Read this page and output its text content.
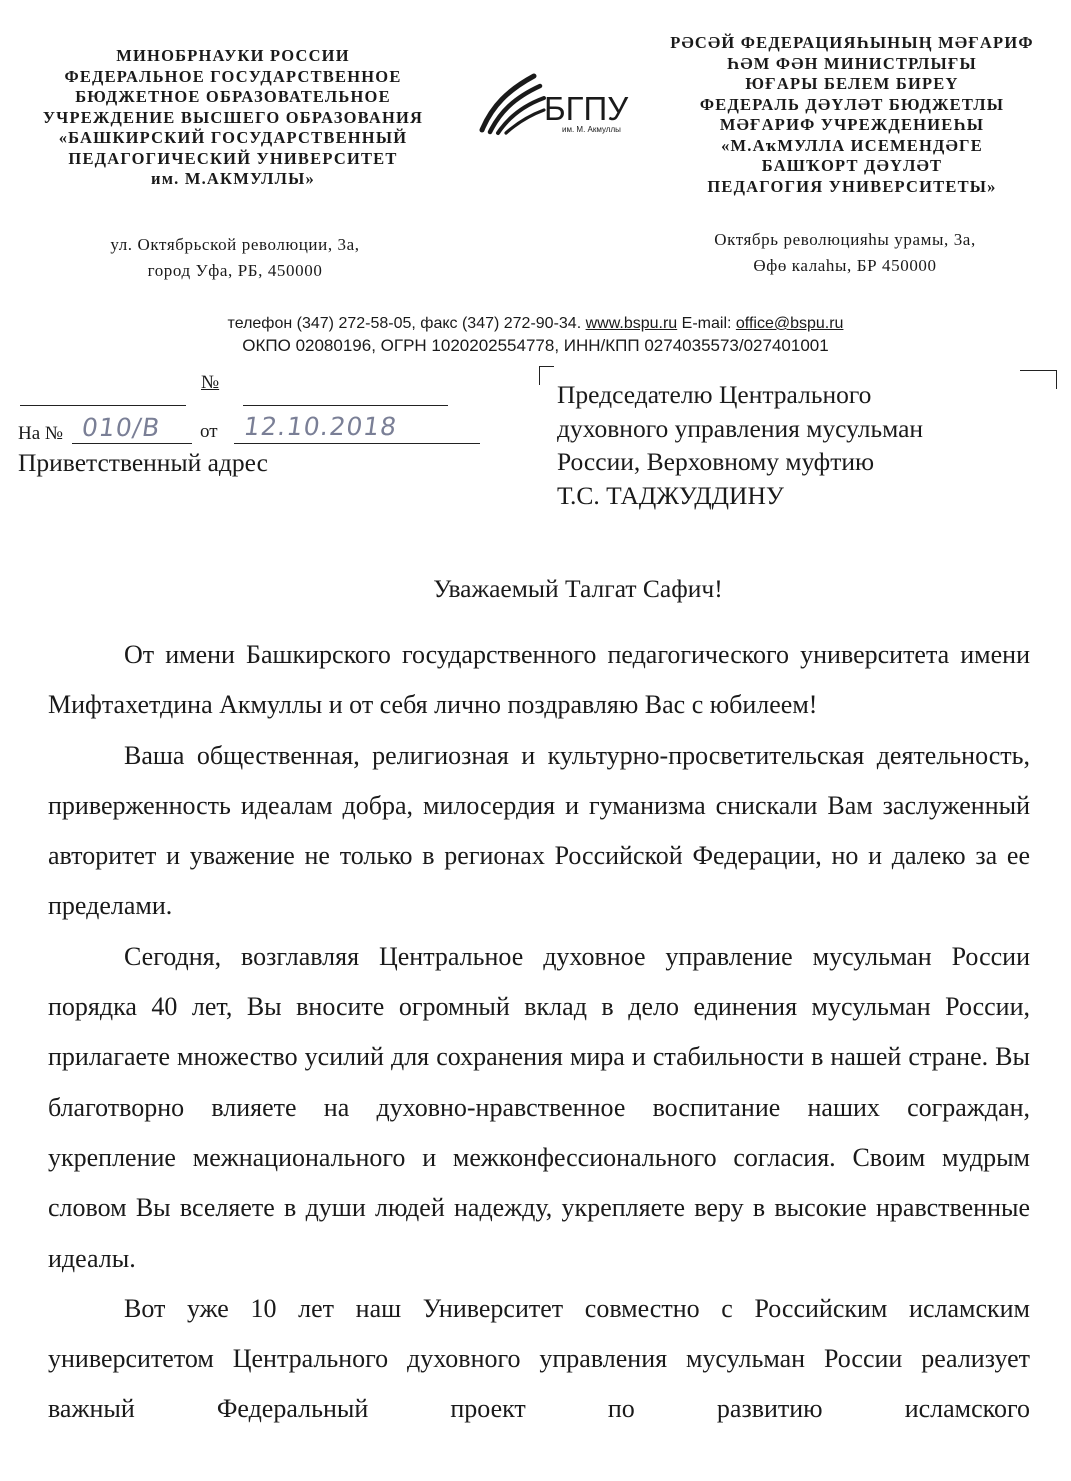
МИНОБРНАУКИ РОССИИ
ФЕДЕРАЛЬНОЕ ГОСУДАРСТВЕННОЕ
БЮДЖЕТНОЕ ОБРАЗОВАТЕЛЬНОЕ
УЧРЕЖДЕНИЕ ВЫСШЕГО ОБРАЗОВАНИЯ
«БАШКИРСКИЙ ГОСУДАРСТВЕННЫЙ
ПЕДАГОГИЧЕСКИЙ УНИВЕРСИТЕТ
им. М.АКМУЛЛЫ»
БГПУ
им. М. Акмуллы
РӘСӘЙ ФЕДЕРАЦИЯҺЫНЫҢ МӘҒАРИФ
ҺӘМ ФӘН МИНИСТРЛЫҒЫ
ЮҒАРЫ БЕЛЕМ БИРЕҮ
ФЕДЕРАЛЬ ДӘҮЛӘТ БЮДЖЕТЛЫ
МӘҒАРИФ УЧРЕЖДЕНИЕҺЫ
«М.АҡМУЛЛА ИСЕМЕНДӘГЕ
БАШҠОРТ ДӘҮЛӘТ
ПЕДАГОГИЯ УНИВЕРСИТЕТЫ»
ул. Октябрьской революции, 3а,
город Уфа, РБ, 450000
Октябрь революцияһы урамы, 3а,
Өфө калаһы, БР 450000
телефон (347) 272-58-05, факс (347) 272-90-34. www.bspu.ru E-mail: office@bspu.ru
ОКПО 02080196, ОГРН 1020202554778, ИНН/КПП 0274035573/027401001
№
На № 010/В от 12.10.2018
Приветственный адрес
Председателю Центрального
духовного управления мусульман
России, Верховному муфтию
Т.С. ТАДЖУДДИНУ
Уважаемый Талгат Сафич!

От имени Башкирского государственного педагогического университета имени Мифтахетдина Акмуллы и от себя лично поздравляю Вас с юбилеем!

Ваша общественная, религиозная и культурно-просветительская деятельность, приверженность идеалам добра, милосердия и гуманизма снискали Вам заслуженный авторитет и уважение не только в регионах Российской Федерации, но и далеко за ее пределами.

Сегодня, возглавляя Центральное духовное управление мусульман России порядка 40 лет, Вы вносите огромный вклад в дело единения мусульман России, прилагаете множество усилий для сохранения мира и стабильности в нашей стране. Вы благотворно влияете на духовно-нравственное воспитание наших сограждан, укрепление межнационального и межконфессионального согласия. Своим мудрым словом Вы вселяете в души людей надежду, укрепляете веру в высокие нравственные идеалы.

Вот уже 10 лет наш Университет совместно с Российским исламским университетом Центрального духовного управления мусульман России реализует важный Федеральный проект по развитию исламского
